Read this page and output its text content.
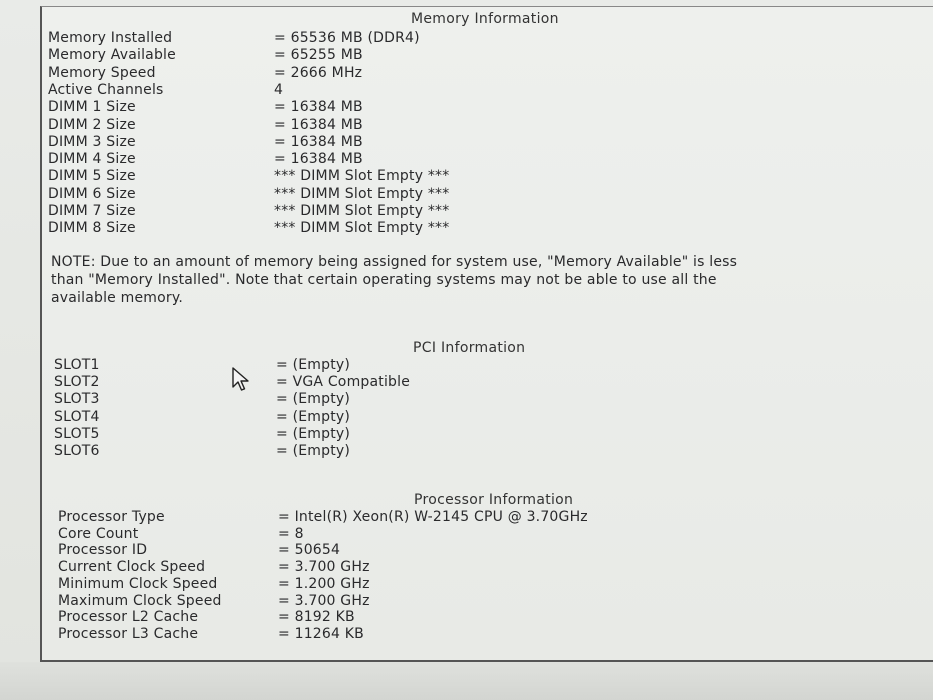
Memory Information
Memory Installed	= 65536 MB (DDR4)
Memory Available	= 65255 MB
Memory Speed	= 2666 MHz
Active Channels	4
DIMM 1 Size	= 16384 MB
DIMM 2 Size	= 16384 MB
DIMM 3 Size	= 16384 MB
DIMM 4 Size	= 16384 MB
DIMM 5 Size	*** DIMM Slot Empty ***
DIMM 6 Size	*** DIMM Slot Empty ***
DIMM 7 Size	*** DIMM Slot Empty ***
DIMM 8 Size	*** DIMM Slot Empty ***
NOTE: Due to an amount of memory being assigned for system use, "Memory Available" is less
than "Memory Installed". Note that certain operating systems may not be able to use all the
available memory.
PCI Information
SLOT1	= (Empty)
SLOT2	= VGA Compatible
SLOT3	= (Empty)
SLOT4	= (Empty)
SLOT5	= (Empty)
SLOT6	= (Empty)
Processor Information
Processor Type	= Intel(R) Xeon(R) W-2145 CPU @ 3.70GHz
Core Count	= 8
Processor ID	= 50654
Current Clock Speed	= 3.700 GHz
Minimum Clock Speed	= 1.200 GHz
Maximum Clock Speed	= 3.700 GHz
Processor L2 Cache	= 8192 KB
Processor L3 Cache	= 11264 KB
